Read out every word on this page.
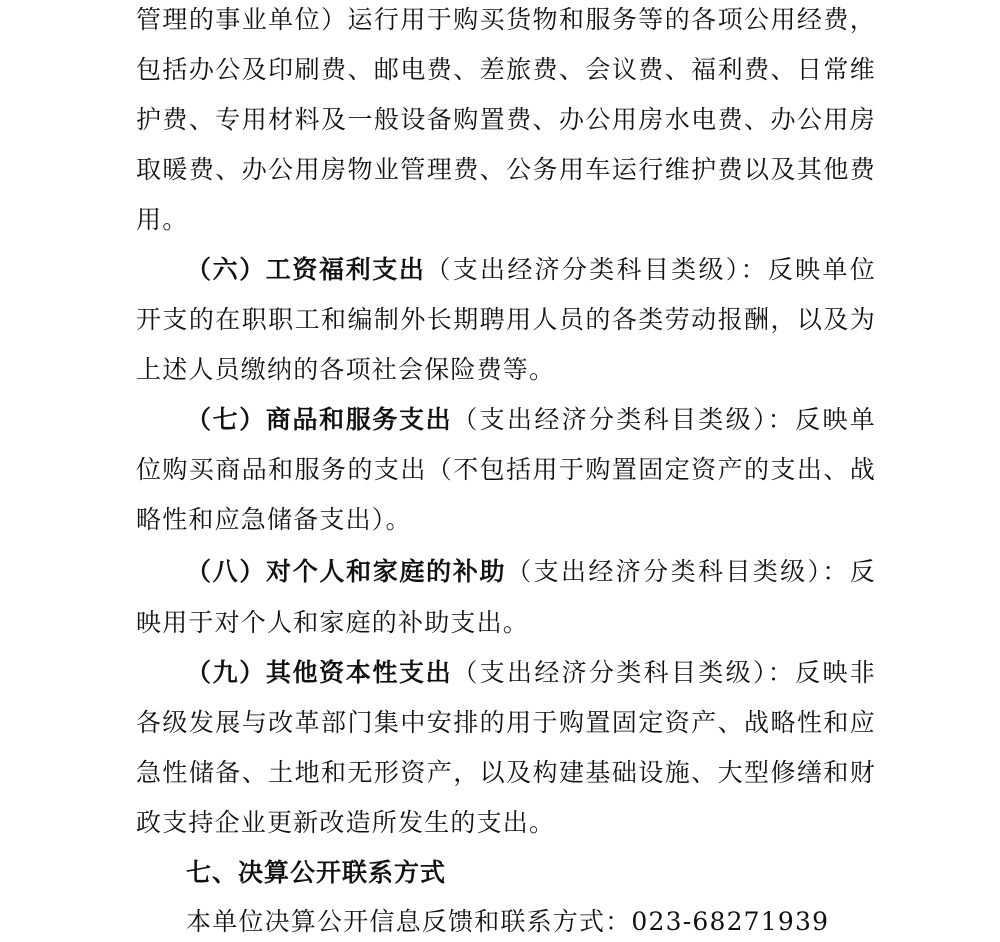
管理的事业单位）运行用于购买货物和服务等的各项公用经费，
包括办公及印刷费、邮电费、差旅费、会议费、福利费、日常维
护费、专用材料及一般设备购置费、办公用房水电费、办公用房
取暖费、办公用房物业管理费、公务用车运行维护费以及其他费
用。
（六）工资福利支出（支出经济分类科目类级）：反映单位
开支的在职职工和编制外长期聘用人员的各类劳动报酬，以及为
上述人员缴纳的各项社会保险费等。
（七）商品和服务支出（支出经济分类科目类级）：反映单
位购买商品和服务的支出（不包括用于购置固定资产的支出、战
略性和应急储备支出）。
（八）对个人和家庭的补助（支出经济分类科目类级）：反
映用于对个人和家庭的补助支出。
（九）其他资本性支出（支出经济分类科目类级）：反映非
各级发展与改革部门集中安排的用于购置固定资产、战略性和应
急性储备、土地和无形资产，以及构建基础设施、大型修缮和财
政支持企业更新改造所发生的支出。
七、决算公开联系方式
本单位决算公开信息反馈和联系方式：023-68271939
